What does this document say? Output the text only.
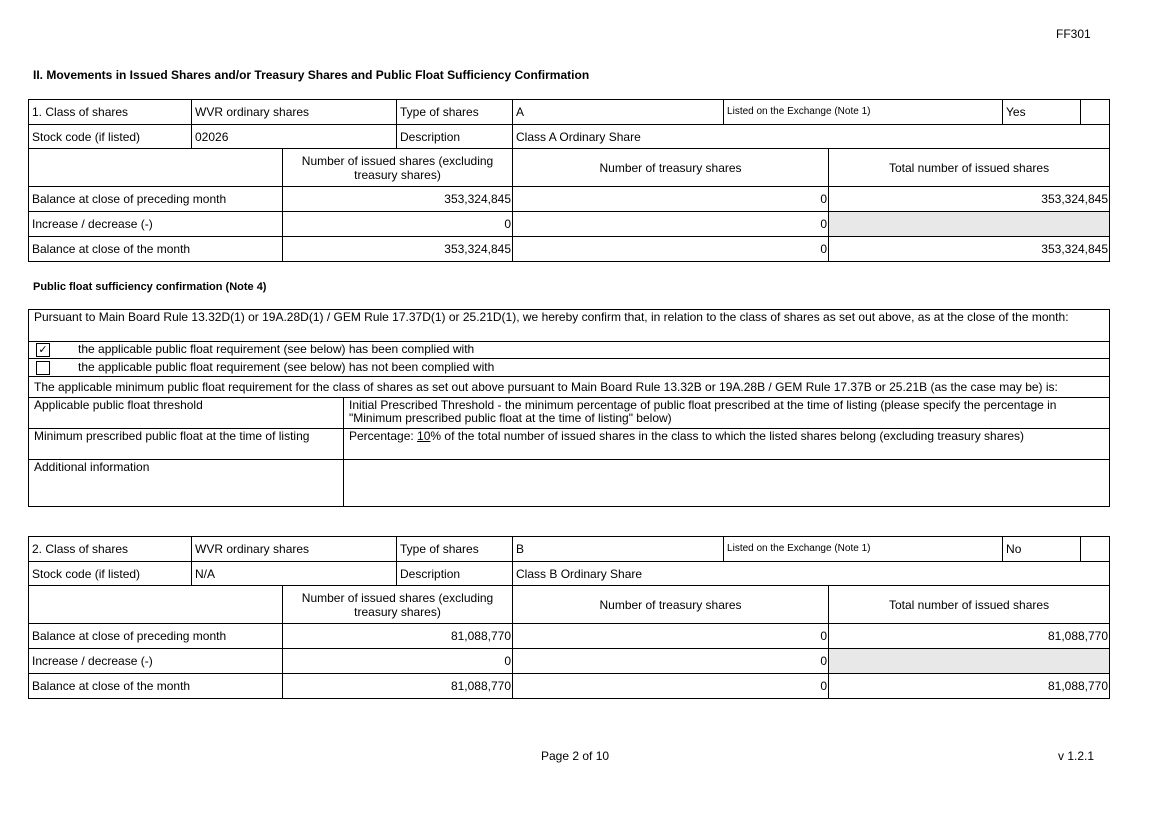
FF301
II. Movements in Issued Shares and/or Treasury Shares and Public Float Sufficiency Confirmation
1. Class of shares	WVR ordinary shares		Type of shares	A	Listed on the Exchange (Note 1)		Yes	
Stock code (if listed)	02026		Description	Class A Ordinary Share				
		Number of issued shares (excluding treasury shares)		Number of treasury shares		Total number of issued shares		
Balance at close of preceding month		353,324,845		0		353,324,845		
Increase / decrease (-)		0		0				
Balance at close of the month		353,324,845		0		353,324,845		
Public float sufficiency confirmation (Note 4)
Pursuant to Main Board Rule 13.32D(1) or 19A.28D(1) / GEM Rule 17.37D(1) or 25.21D(1), we hereby confirm that, in relation to the class of shares as set out above, as at the close of the month:	
✓ the applicable public float requirement (see below) has been complied with	
the applicable public float requirement (see below) has not been complied with	
The applicable minimum public float requirement for the class of shares as set out above pursuant to Main Board Rule 13.32B or 19A.28B / GEM Rule 17.37B or 25.21B (as the case may be) is:	
Applicable public float threshold	Initial Prescribed Threshold - the minimum percentage of public float prescribed at the time of listing (please specify the percentage in "Minimum prescribed public float at the time of listing" below)
Minimum prescribed public float at the time of listing	Percentage: 10% of the total number of issued shares in the class to which the listed shares belong (excluding treasury shares)
Additional information	
2. Class of shares	WVR ordinary shares		Type of shares	B	Listed on the Exchange (Note 1)		No	
Stock code (if listed)	N/A		Description	Class B Ordinary Share				
		Number of issued shares (excluding treasury shares)		Number of treasury shares		Total number of issued shares		
Balance at close of preceding month		81,088,770		0		81,088,770		
Increase / decrease (-)		0		0				
Balance at close of the month		81,088,770		0		81,088,770		
Page 2 of 10	v 1.2.1
